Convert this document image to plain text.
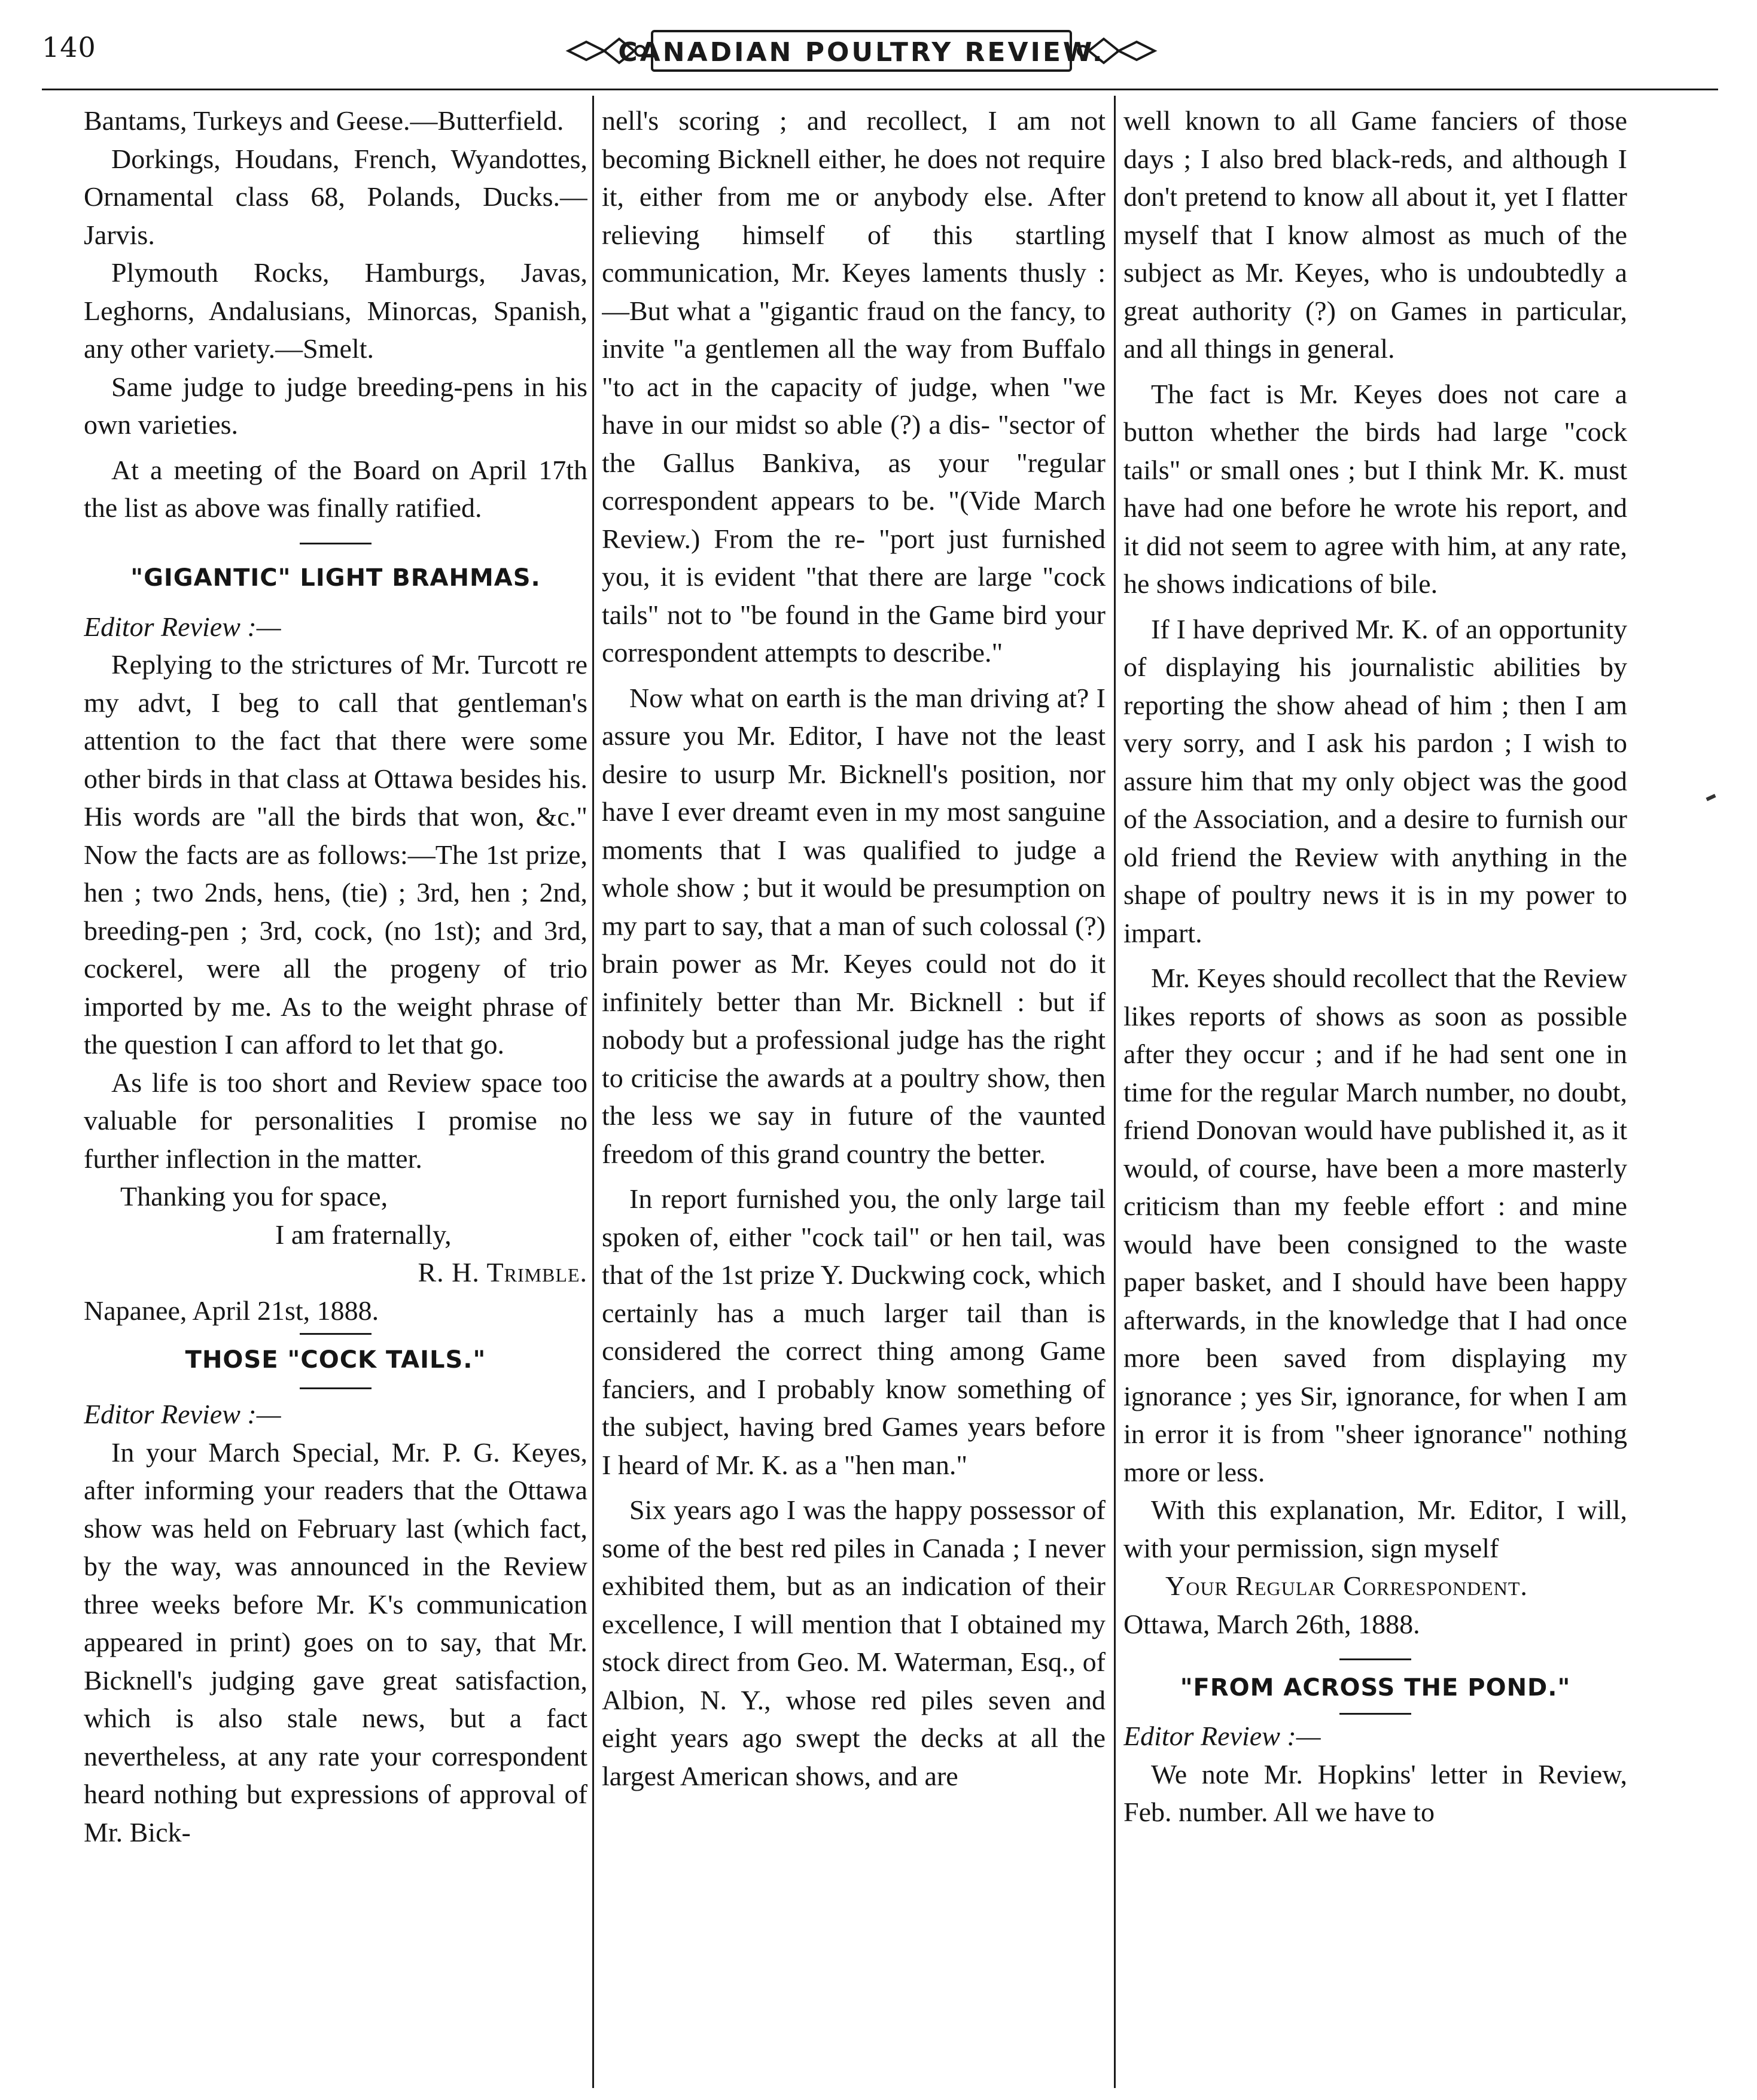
140	CANADIAN POULTRY REVIEW.

Bantams, Turkeys and Geese.—Butterfield.

Dorkings, Houdans, French, Wyandottes, Ornamental class 68, Polands, Ducks.—Jarvis.

Plymouth Rocks, Hamburgs, Javas, Leghorns, Andalusians, Minorcas, Spanish, any other variety.—Smelt.

Same judge to judge breeding-pens in his own varieties.

At a meeting of the Board on April 17th the list as above was finally ratified.

"GIGANTIC" LIGHT BRAHMAS.

Editor Review :—

Replying to the strictures of Mr. Turcott re my advt, I beg to call that gentleman's attention to the fact that there were some other birds in that class at Ottawa besides his. His words are "all the birds that won, &c." Now the facts are as follows:—The 1st prize, hen ; two 2nds, hens, (tie) ; 3rd, hen ; 2nd, breeding-pen ; 3rd, cock, (no 1st); and 3rd, cockerel, were all the progeny of trio imported by me. As to the weight phrase of the question I can afford to let that go.

As life is too short and Review space too valuable for personalities I promise no further inflection in the matter.

Thanking you for space,

I am fraternally,

R. H. Trimble.

Napanee, April 21st, 1888.

THOSE "COCK TAILS."

Editor Review :—

In your March Special, Mr. P. G. Keyes, after informing your readers that the Ottawa show was held on February last (which fact, by the way, was announced in the Review three weeks before Mr. K's communication appeared in print) goes on to say, that Mr. Bicknell's judging gave great satisfaction, which is also stale news, but a fact nevertheless, at any rate your correspondent heard nothing but expressions of approval of Mr. Bick-

nell's scoring ; and recollect, I am not becoming Bicknell either, he does not require it, either from me or anybody else. After relieving himself of this startling communication, Mr. Keyes laments thusly :—But what a "gigantic fraud on the fancy, to invite "a gentlemen all the way from Buffalo "to act in the capacity of judge, when "we have in our midst so able (?) a dis- "sector of the Gallus Bankiva, as your "regular correspondent appears to be. "(Vide March Review.) From the re- "port just furnished you, it is evident "that there are large "cock tails" not to "be found in the Game bird your correspondent attempts to describe."

Now what on earth is the man driving at? I assure you Mr. Editor, I have not the least desire to usurp Mr. Bicknell's position, nor have I ever dreamt even in my most sanguine moments that I was qualified to judge a whole show ; but it would be presumption on my part to say, that a man of such colossal (?) brain power as Mr. Keyes could not do it infinitely better than Mr. Bicknell : but if nobody but a professional judge has the right to criticise the awards at a poultry show, then the less we say in future of the vaunted freedom of this grand country the better.

In report furnished you, the only large tail spoken of, either "cock tail" or hen tail, was that of the 1st prize Y. Duckwing cock, which certainly has a much larger tail than is considered the correct thing among Game fanciers, and I probably know something of the subject, having bred Games years before I heard of Mr. K. as a "hen man."

Six years ago I was the happy possessor of some of the best red piles in Canada ; I never exhibited them, but as an indication of their excellence, I will mention that I obtained my stock direct from Geo. M. Waterman, Esq., of Albion, N. Y., whose red piles seven and eight years ago swept the decks at all the largest American shows, and are

well known to all Game fanciers of those days ; I also bred black-reds, and although I don't pretend to know all about it, yet I flatter myself that I know almost as much of the subject as Mr. Keyes, who is undoubtedly a great authority (?) on Games in particular, and all things in general.

The fact is Mr. Keyes does not care a button whether the birds had large "cock tails" or small ones ; but I think Mr. K. must have had one before he wrote his report, and it did not seem to agree with him, at any rate, he shows indications of bile.

If I have deprived Mr. K. of an opportunity of displaying his journalistic abilities by reporting the show ahead of him ; then I am very sorry, and I ask his pardon ; I wish to assure him that my only object was the good of the Association, and a desire to furnish our old friend the Review with anything in the shape of poultry news it is in my power to impart.

Mr. Keyes should recollect that the Review likes reports of shows as soon as possible after they occur ; and if he had sent one in time for the regular March number, no doubt, friend Donovan would have published it, as it would, of course, have been a more masterly criticism than my feeble effort : and mine would have been consigned to the waste paper basket, and I should have been happy afterwards, in the knowledge that I had once more been saved from displaying my ignorance ; yes Sir, ignorance, for when I am in error it is from "sheer ignorance" nothing more or less.

With this explanation, Mr. Editor, I will, with your permission, sign myself

Your Regular Correspondent.

Ottawa, March 26th, 1888.

"FROM ACROSS THE POND."

Editor Review :—

We note Mr. Hopkins' letter in Review, Feb. number. All we have to
